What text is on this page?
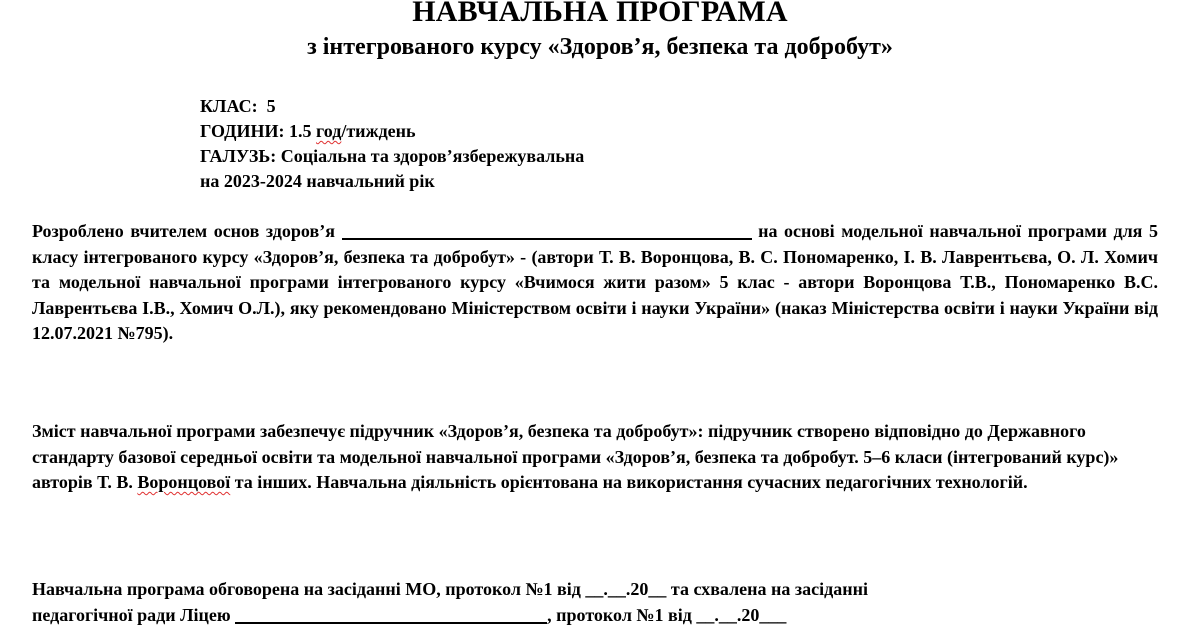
НАВЧАЛЬНА ПРОГРАМА
з інтегрованого курсу «Здоров’я, безпека та добробут»
КЛАС: 5
ГОДИНИ: 1.5 год/тиждень
ГАЛУЗЬ: Соціальна та здоров’язбережувальна
на 2023-2024 навчальний рік
Розроблено вчителем основ здоров’я	на основі модельної навчальної програми для 5 класу інтегрованого курсу «Здоров’я, безпека та добробут» - (автори Т. В. Воронцова, В. С. Пономаренко, І. В. Лаврентьєва, О. Л. Хомич та модельної навчальної програми інтегрованого курсу «Вчимося жити разом» 5 клас - автори Воронцова Т.В., Пономаренко В.С. Лаврентьєва І.В., Хомич О.Л.), яку рекомендовано Міністерством освіти і науки України» (наказ Міністерства освіти і науки України від 12.07.2021 №795).
Зміст навчальної програми забезпечує підручник «Здоров’я, безпека та добробут»: підручник створено відповідно до Державного стандарту базової середньої освіти та модельної навчальної програми «Здоров’я, безпека та добробут. 5–6 класи (інтегрований курс)» авторів Т. В. Воронцової та інших. Навчальна діяльність орієнтована на використання сучасних педагогічних технологій.
Навчальна програма обговорена на засіданні МО, протокол №1 від __.__.20__ та схвалена на засіданні
педагогічної ради Ліцею	, протокол №1 від __.__.20___
